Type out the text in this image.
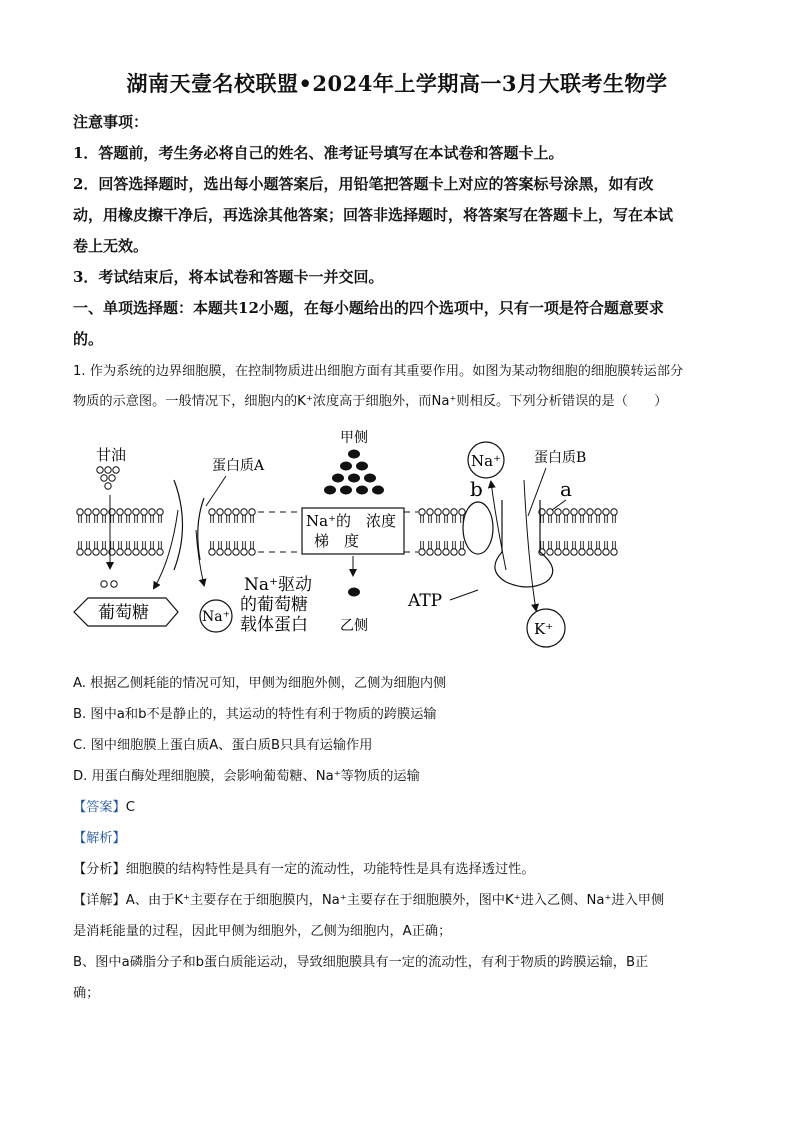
湖南天壹名校联盟•2024年上学期高一3月大联考生物学
注意事项：
1．答题前，考生务必将自己的姓名、准考证号填写在本试卷和答题卡上。
2．回答选择题时，选出每小题答案后，用铅笔把答题卡上对应的答案标号涂黑，如有改
动，用橡皮擦干净后，再选涂其他答案；回答非选择题时，将答案写在答题卡上，写在本试
卷上无效。
3．考试结束后，将本试卷和答题卡一并交回。
一、单项选择题：本题共12小题，在每小题给出的四个选项中，只有一项是符合题意要求
的。
1. 作为系统的边界细胞膜，在控制物质进出细胞方面有其重要作用。如图为某动物细胞的细胞膜转运部分
物质的示意图。一般情况下，细胞内的K⁺浓度高于细胞外，而Na⁺则相反。下列分析错误的是（　　）
甘油
蛋白质A
葡萄糖	Na⁺
Na⁺驱动
的葡萄糖
载体蛋白
甲侧
Na⁺的　浓度
梯　度
乙侧
Na⁺
b
蛋白质B
a
ATP
K⁺
A. 根据乙侧耗能的情况可知，甲侧为细胞外侧，乙侧为细胞内侧
B. 图中a和b不是静止的，其运动的特性有利于物质的跨膜运输
C. 图中细胞膜上蛋白质A、蛋白质B只具有运输作用
D. 用蛋白酶处理细胞膜，会影响葡萄糖、Na⁺等物质的运输
【答案】C
【解析】
【分析】细胞膜的结构特性是具有一定的流动性，功能特性是具有选择透过性。
【详解】A、由于K⁺主要存在于细胞膜内，Na⁺主要存在于细胞膜外，图中K⁺进入乙侧、Na⁺进入甲侧
是消耗能量的过程，因此甲侧为细胞外，乙侧为细胞内，A正确；
B、图中a磷脂分子和b蛋白质能运动，导致细胞膜具有一定的流动性，有利于物质的跨膜运输，B正
确；
